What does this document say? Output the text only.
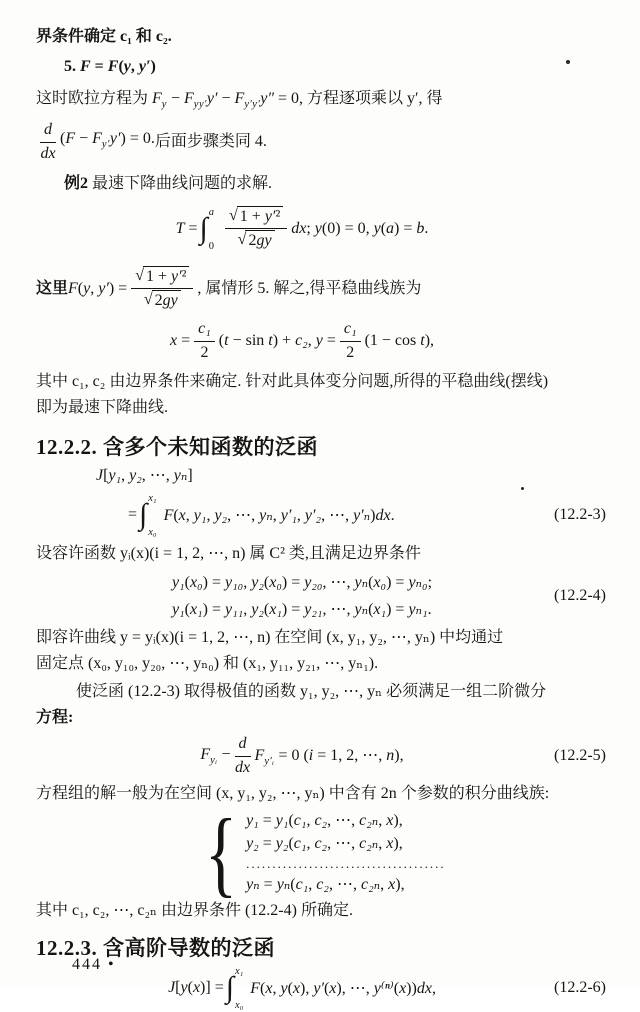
界条件确定 c₁ 和 c₂.
5. F = F(y, y′)
这时欧拉方程为 $F_y - F_{yy'}y' - F_{y'y'}y'' = 0$, 方程逐项乘以 y′, 得
$\frac{d}{dx} (F - F_{y'}y') = 0$. 后面步骤类同 4.
例2 最速下降曲线问题的求解.
T = ∫ a
$0 \frac{\text{√ 1 + y′²}}{√ 2gy}$ dx; y(0) = 0, y(a) = b.
这里 F(y, $y') = \frac{\text{√ 1 + y′²}}{√ 2gy}$ , 属情形 5. 解之,得平稳曲线族为
$x = \frac{\text{c₁}}{2} (t - \sin t) + c_2$, $y = \frac{\text{c₁}}{2} (1 - \cos t)$,
其中 c₁, c₂ 由边界条件来确定. 针对此具体变分问题,所得的平稳曲线(摆线)
即为最速下降曲线.
12.2.2. 含多个未知函数的泛函
J[y₁, y₂, ⋯, yₙ]
= ∫ x₁
x₀
F(x, y₁, y₂, ⋯, yₙ, y′₁, y′₂, ⋯, y′ₙ)dx.	(12.2-3)
设容许函数 yᵢ(x)(i = 1, 2, ⋯, n) 属 C² 类,且满足边界条件
y₁(x₀) = y₁₀, y₂(x₀) = y₂₀, ⋯, yₙ(x₀) = yₙ₀;
y₁(x₁) = y₁₁, y₂(x₁) = y₂₁, ⋯, yₙ(x₁) = yₙ₁.
(12.2-4)
即容许曲线 y = yᵢ(x)(i = 1, 2, ⋯, n) 在空间 (x, y₁, y₂, ⋯, yₙ) 中均通过
固定点 (x₀, y₁₀, y₂₀, ⋯, yₙ₀) 和 (x₁, y₁₁, y₂₁, ⋯, yₙ₁).
使泛函 (12.2-3) 取得极值的函数 y₁, y₂, ⋯, yₙ 必须满足一组二阶微分
方程:
$F_{yᵢ} - \frac{d}{dx} F_{y'ᵢ} = 0$ (i = 1, 2, ⋯, n),	(12.2-5)
方程组的解一般为在空间 (x, y₁, y₂, ⋯, yₙ) 中含有 2n 个参数的积分曲线族:
{ y₁ = y₁(c₁, c₂, ⋯, c₂ₙ, x),
y₂ = y₂(c₁, c₂, ⋯, c₂ₙ, x),
......................................
yₙ = yₙ(c₁, c₂, ⋯, c₂ₙ, x),
其中 c₁, c₂, ⋯, c₂ₙ 由边界条件 (12.2-4) 所确定.
12.2.3. 含高阶导数的泛函
J[y(x)] = ∫ x₁
x₀
F(x, y(x), y′(x), ⋯, y⁽ⁿ⁾(x))dx,	(12.2-6)
444 •
